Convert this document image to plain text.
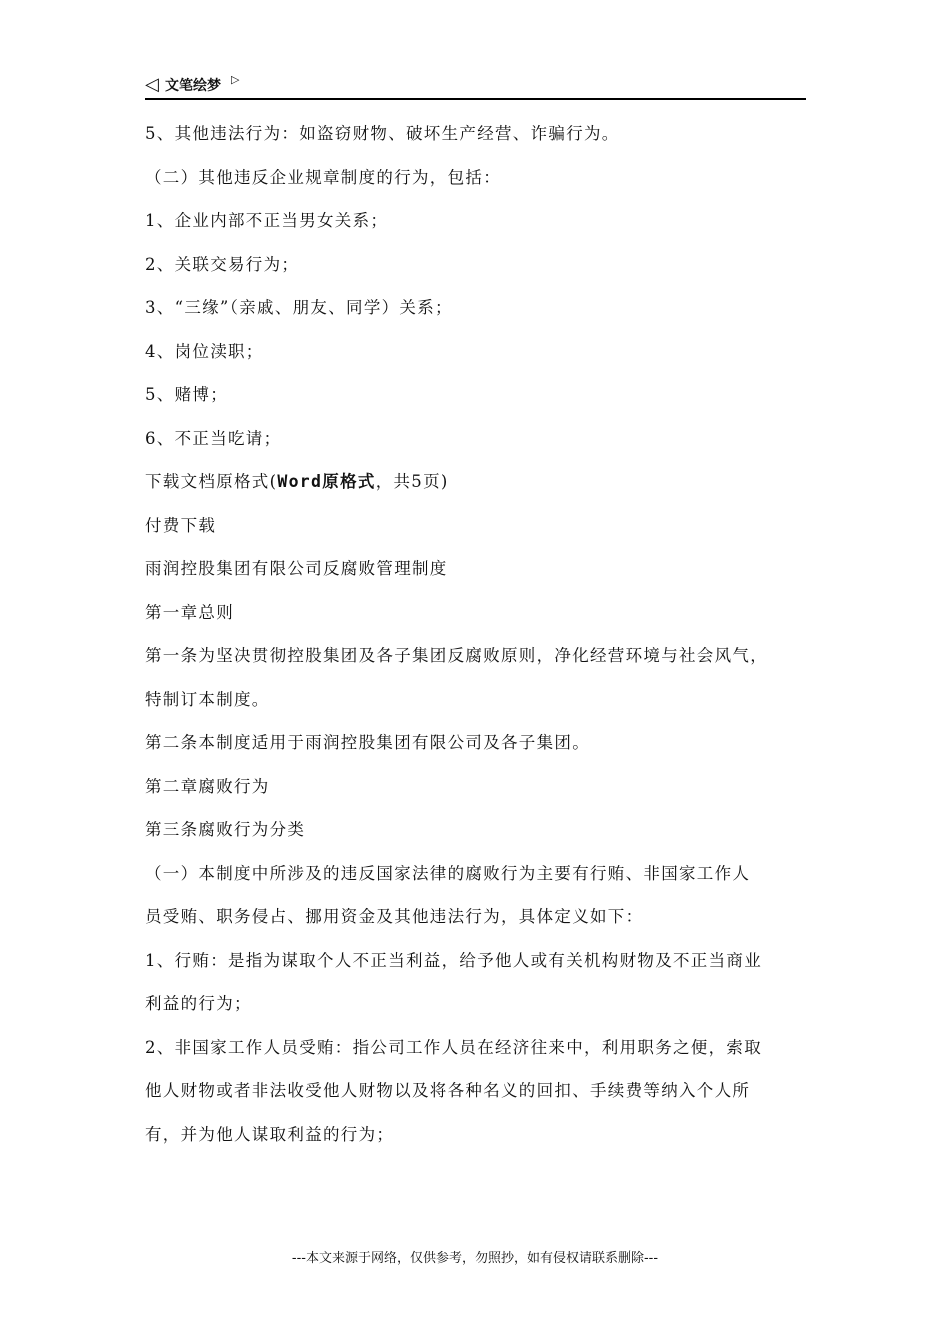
◁ 文笔绘梦 ▷
5、其他违法行为：如盗窃财物、破坏生产经营、诈骗行为。
（二）其他违反企业规章制度的行为，包括：
1、企业内部不正当男女关系；
2、关联交易行为；
3、“三缘”（亲戚、朋友、同学）关系；
4、岗位渎职；
5、赌博；
6、不正当吃请；
下载文档原格式(Word原格式，共5页)
付费下载
雨润控股集团有限公司反腐败管理制度
第一章总则
第一条为坚决贯彻控股集团及各子集团反腐败原则，净化经营环境与社会风气，
特制订本制度。
第二条本制度适用于雨润控股集团有限公司及各子集团。
第二章腐败行为
第三条腐败行为分类
（一）本制度中所涉及的违反国家法律的腐败行为主要有行贿、非国家工作人
员受贿、职务侵占、挪用资金及其他违法行为，具体定义如下：
1、行贿：是指为谋取个人不正当利益，给予他人或有关机构财物及不正当商业
利益的行为；
2、非国家工作人员受贿：指公司工作人员在经济往来中，利用职务之便，索取
他人财物或者非法收受他人财物以及将各种名义的回扣、手续费等纳入个人所
有，并为他人谋取利益的行为；
---本文来源于网络，仅供参考，勿照抄，如有侵权请联系删除---
